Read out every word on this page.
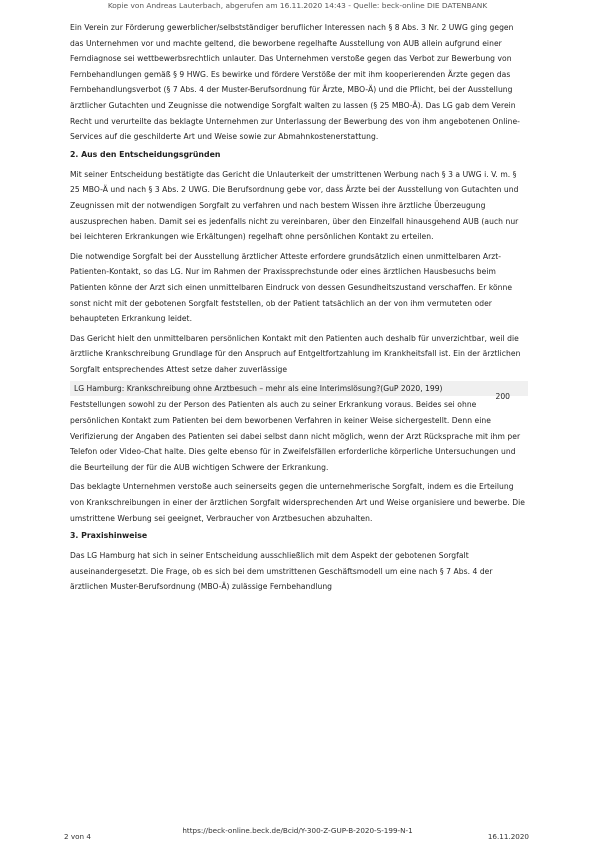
Kopie von Andreas Lauterbach, abgerufen am 16.11.2020 14:43 - Quelle: beck-online DIE DATENBANK

Ein Verein zur Förderung gewerblicher/selbstständiger beruflicher Interessen nach § 8 Abs. 3 Nr. 2 UWG ging gegen das Unternehmen vor und machte geltend, die beworbene regelhafte Ausstellung von AUB allein aufgrund einer Ferndiagnose sei wettbewerbsrechtlich unlauter. Das Unternehmen verstoße gegen das Verbot zur Bewerbung von Fernbehandlungen gemäß § 9 HWG. Es bewirke und fördere Verstöße der mit ihm kooperierenden Ärzte gegen das Fernbehandlungsverbot (§ 7 Abs. 4 der Muster-Berufsordnung für Ärzte, MBO-Ä) und die Pflicht, bei der Ausstellung ärztlicher Gutachten und Zeugnisse die notwendige Sorgfalt walten zu lassen (§ 25 MBO-Ä). Das LG gab dem Verein Recht und verurteilte das beklagte Unternehmen zur Unterlassung der Bewerbung des von ihm angebotenen Online-Services auf die geschilderte Art und Weise sowie zur Abmahnkostenerstattung.

2. Aus den Entscheidungsgründen

Mit seiner Entscheidung bestätigte das Gericht die Unlauterkeit der umstrittenen Werbung nach § 3 a UWG i. V. m. § 25 MBO-Ä und nach § 3 Abs. 2 UWG. Die Berufsordnung gebe vor, dass Ärzte bei der Ausstellung von Gutachten und Zeugnissen mit der notwendigen Sorgfalt zu verfahren und nach bestem Wissen ihre ärztliche Überzeugung auszusprechen haben. Damit sei es jedenfalls nicht zu vereinbaren, über den Einzelfall hinausgehend AUB (auch nur bei leichteren Erkrankungen wie Erkältungen) regelhaft ohne persönlichen Kontakt zu erteilen.

Die notwendige Sorgfalt bei der Ausstellung ärztlicher Atteste erfordere grundsätzlich einen unmittelbaren Arzt-Patienten-Kontakt, so das LG. Nur im Rahmen der Praxissprechstunde oder eines ärztlichen Hausbesuchs beim Patienten könne der Arzt sich einen unmittelbaren Eindruck von dessen Gesundheitszustand verschaffen. Er könne sonst nicht mit der gebotenen Sorgfalt feststellen, ob der Patient tatsächlich an der von ihm vermuteten oder behaupteten Erkrankung leidet.

Das Gericht hielt den unmittelbaren persönlichen Kontakt mit den Patienten auch deshalb für unverzichtbar, weil die ärztliche Krankschreibung Grundlage für den Anspruch auf Entgeltfortzahlung im Krankheitsfall ist. Ein der ärztlichen Sorgfalt entsprechendes Attest setze daher zuverlässige

LG Hamburg: Krankschreibung ohne Arztbesuch – mehr als eine Interimslösung?(GuP 2020, 199)
200

Feststellungen sowohl zu der Person des Patienten als auch zu seiner Erkrankung voraus. Beides sei ohne persönlichen Kontakt zum Patienten bei dem beworbenen Verfahren in keiner Weise sichergestellt. Denn eine Verifizierung der Angaben des Patienten sei dabei selbst dann nicht möglich, wenn der Arzt Rücksprache mit ihm per Telefon oder Video-Chat halte. Dies gelte ebenso für in Zweifelsfällen erforderliche körperliche Untersuchungen und die Beurteilung der für die AUB wichtigen Schwere der Erkrankung.

Das beklagte Unternehmen verstoße auch seinerseits gegen die unternehmerische Sorgfalt, indem es die Erteilung von Krankschreibungen in einer der ärztlichen Sorgfalt widersprechenden Art und Weise organisiere und bewerbe. Die umstrittene Werbung sei geeignet, Verbraucher von Arztbesuchen abzuhalten.

3. Praxishinweise

Das LG Hamburg hat sich in seiner Entscheidung ausschließlich mit dem Aspekt der gebotenen Sorgfalt auseinandergesetzt. Die Frage, ob es sich bei dem umstrittenen Geschäftsmodell um eine nach § 7 Abs. 4 der ärztlichen Muster-Berufsordnung (MBO-Ä) zulässige Fernbehandlung

https://beck-online.beck.de/Bcid/Y-300-Z-GUP-B-2020-S-199-N-1
2 von 4	16.11.2020
